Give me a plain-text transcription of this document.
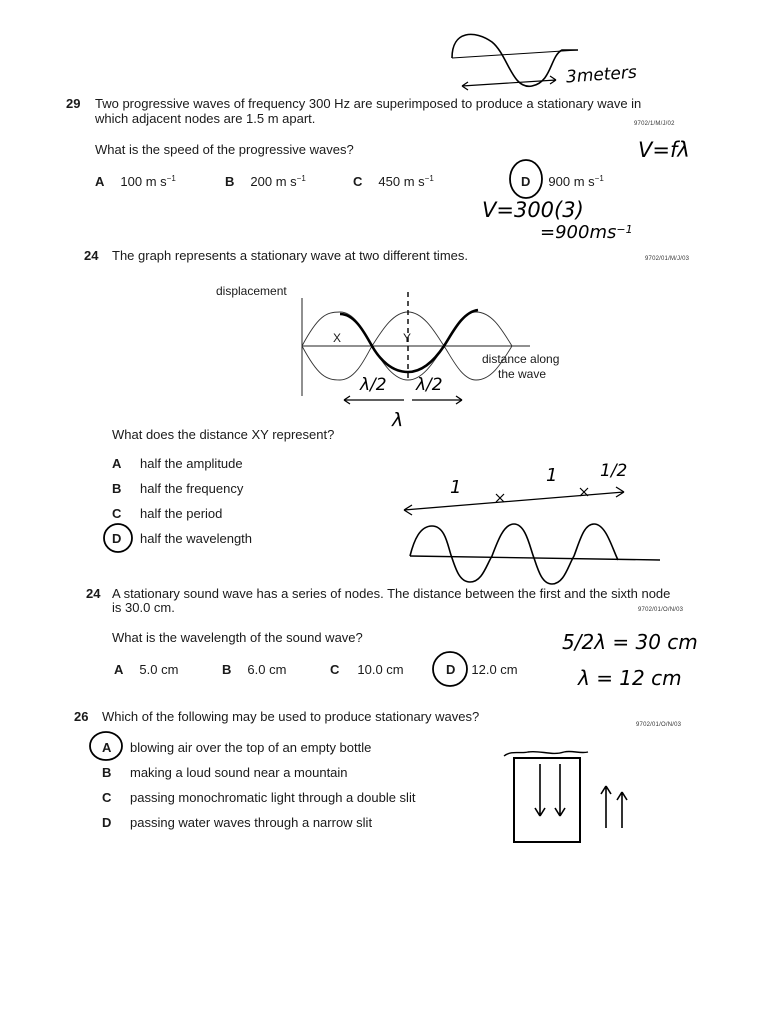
3meters
V=fλ
V=300(3)
$=900ms^{-1}$
λ/2 λ/2
λ
1
1	1/2
5/2λ = 30 cm
λ = 12 cm
29 Two progressive waves of frequency 300 Hz are superimposed to produce a stationary wave in
which adjacent nodes are 1.5 m apart.	9702/1/M/J/02
What is the speed of the progressive waves?
A 100 m $s^{-1}$	B 200 m $s^{-1}$	C 450 m $s^{-1}$	D 900 m $s^{-1}$
24 The graph represents a stationary wave at two different times.	9702/01/M/J/03
displacement
distance along
the wave
X	Y
What does the distance XY represent?
A half the amplitude
B half the frequency
C half the period
D half the wavelength
24 A stationary sound wave has a series of nodes. The distance between the first and the sixth node
is 30.0 cm.	9702/01/O/N/03
What is the wavelength of the sound wave?
A 5.0 cm	B 6.0 cm	C 10.0 cm	D 12.0 cm
26 Which of the following may be used to produce stationary waves?
9702/01/O/N/03
A blowing air over the top of an empty bottle
B making a loud sound near a mountain
C passing monochromatic light through a double slit
D passing water waves through a narrow slit
